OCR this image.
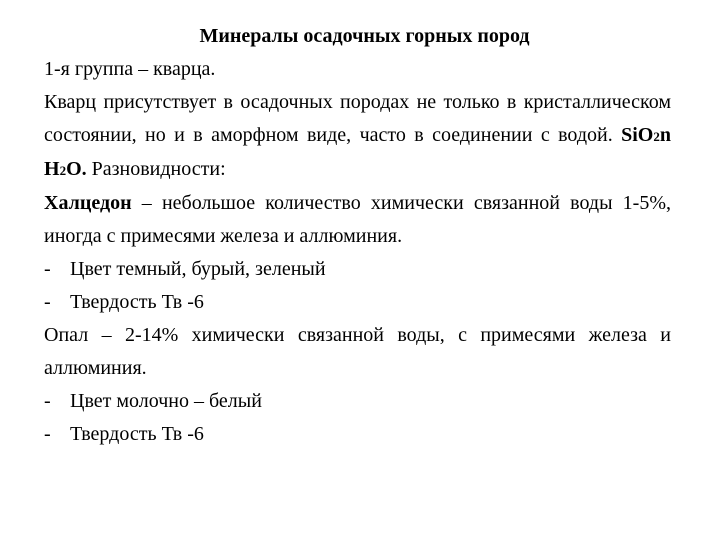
Минералы осадочных горных пород

1-я группа – кварца.

Кварц присутствует в осадочных породах не только в кристаллическом состоянии, но и в аморфном виде, часто в соединении с водой. SiO2n H2O. Разновидности:

Халцедон – небольшое количество химически связанной воды 1-5%, иногда с примесями железа и аллюминия.

- Цвет темный, бурый, зеленый

- Твердость Тв -6

Опал – 2-14% химически связанной воды, с примесями железа и аллюминия.

- Цвет молочно – белый

- Твердость Тв -6
